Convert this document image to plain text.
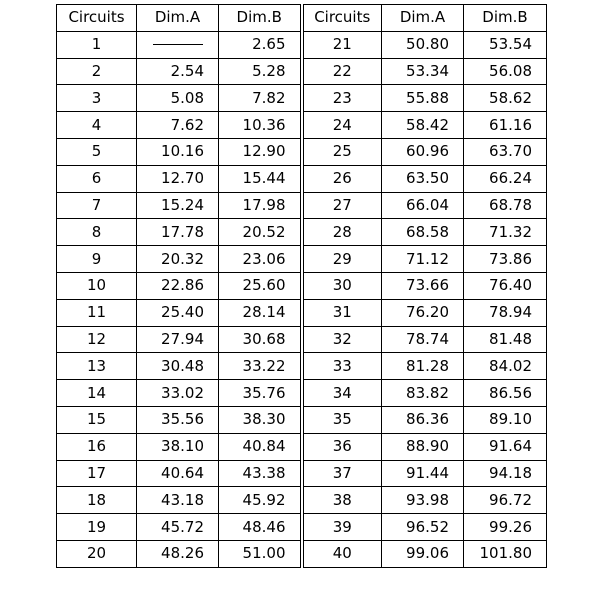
Circuits	Dim.A	Dim.B	Circuits	Dim.A	Dim.B
1		2.65	21	50.80	53.54
2	2.54	5.28	22	53.34	56.08
3	5.08	7.82	23	55.88	58.62
4	7.62	10.36	24	58.42	61.16
5	10.16	12.90	25	60.96	63.70
6	12.70	15.44	26	63.50	66.24
7	15.24	17.98	27	66.04	68.78
8	17.78	20.52	28	68.58	71.32
9	20.32	23.06	29	71.12	73.86
10	22.86	25.60	30	73.66	76.40
11	25.40	28.14	31	76.20	78.94
12	27.94	30.68	32	78.74	81.48
13	30.48	33.22	33	81.28	84.02
14	33.02	35.76	34	83.82	86.56
15	35.56	38.30	35	86.36	89.10
16	38.10	40.84	36	88.90	91.64
17	40.64	43.38	37	91.44	94.18
18	43.18	45.92	38	93.98	96.72
19	45.72	48.46	39	96.52	99.26
20	48.26	51.00	40	99.06	101.80
